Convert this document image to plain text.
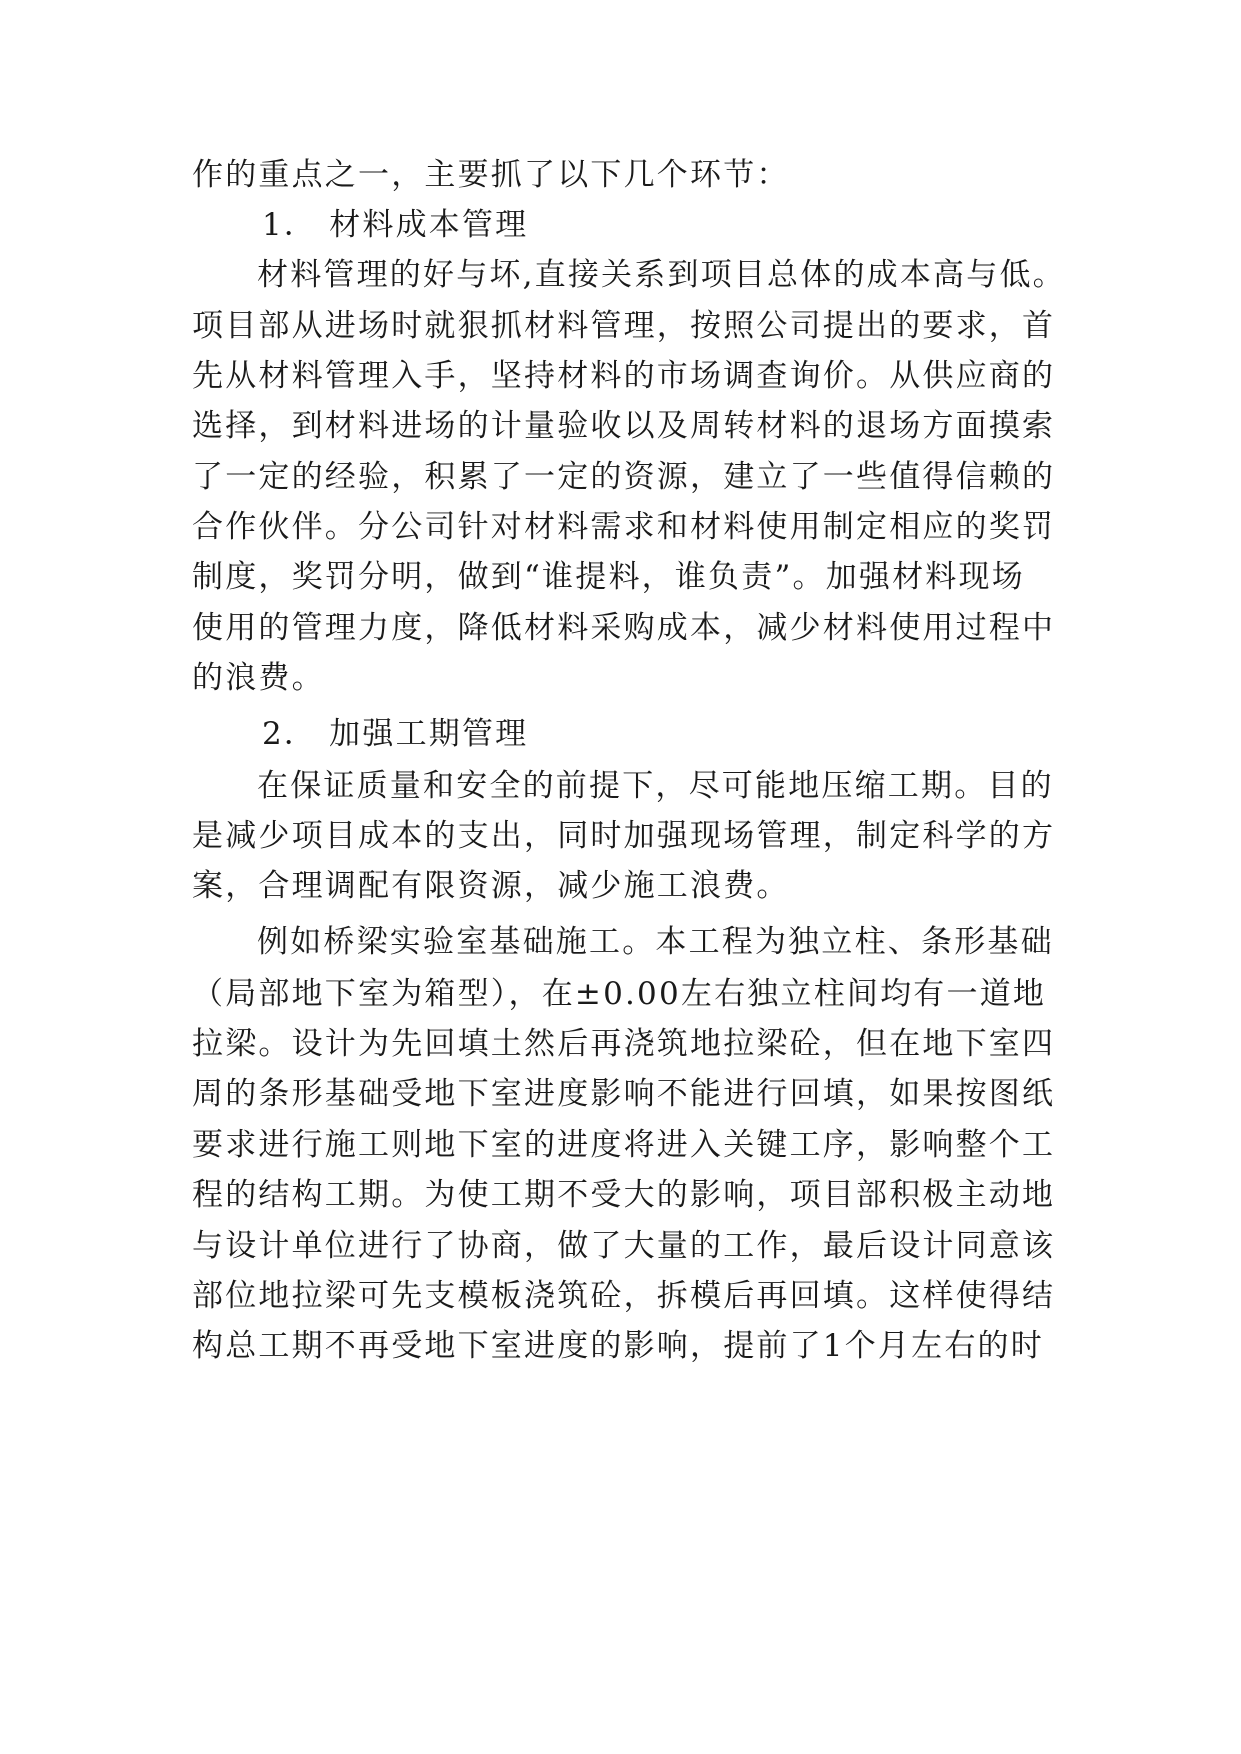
作的重点之一，主要抓了以下几个环节：
1． 材料成本管理
材料管理的好与坏,直接关系到项目总体的成本高与低。
项目部从进场时就狠抓材料管理，按照公司提出的要求，首
先从材料管理入手，坚持材料的市场调查询价。从供应商的
选择，到材料进场的计量验收以及周转材料的退场方面摸索
了一定的经验，积累了一定的资源，建立了一些值得信赖的
合作伙伴。分公司针对材料需求和材料使用制定相应的奖罚
制度，奖罚分明，做到“谁提料，谁负责”。加强材料现场
使用的管理力度，降低材料采购成本，减少材料使用过程中
的浪费。
2． 加强工期管理
在保证质量和安全的前提下，尽可能地压缩工期。目的
是减少项目成本的支出，同时加强现场管理，制定科学的方
案，合理调配有限资源，减少施工浪费。
例如桥梁实验室基础施工。本工程为独立柱、条形基础
（局部地下室为箱型），在±0.00左右独立柱间均有一道地
拉梁。设计为先回填土然后再浇筑地拉梁砼，但在地下室四
周的条形基础受地下室进度影响不能进行回填，如果按图纸
要求进行施工则地下室的进度将进入关键工序，影响整个工
程的结构工期。为使工期不受大的影响，项目部积极主动地
与设计单位进行了协商，做了大量的工作，最后设计同意该
部位地拉梁可先支模板浇筑砼，拆模后再回填。这样使得结
构总工期不再受地下室进度的影响，提前了1个月左右的时
